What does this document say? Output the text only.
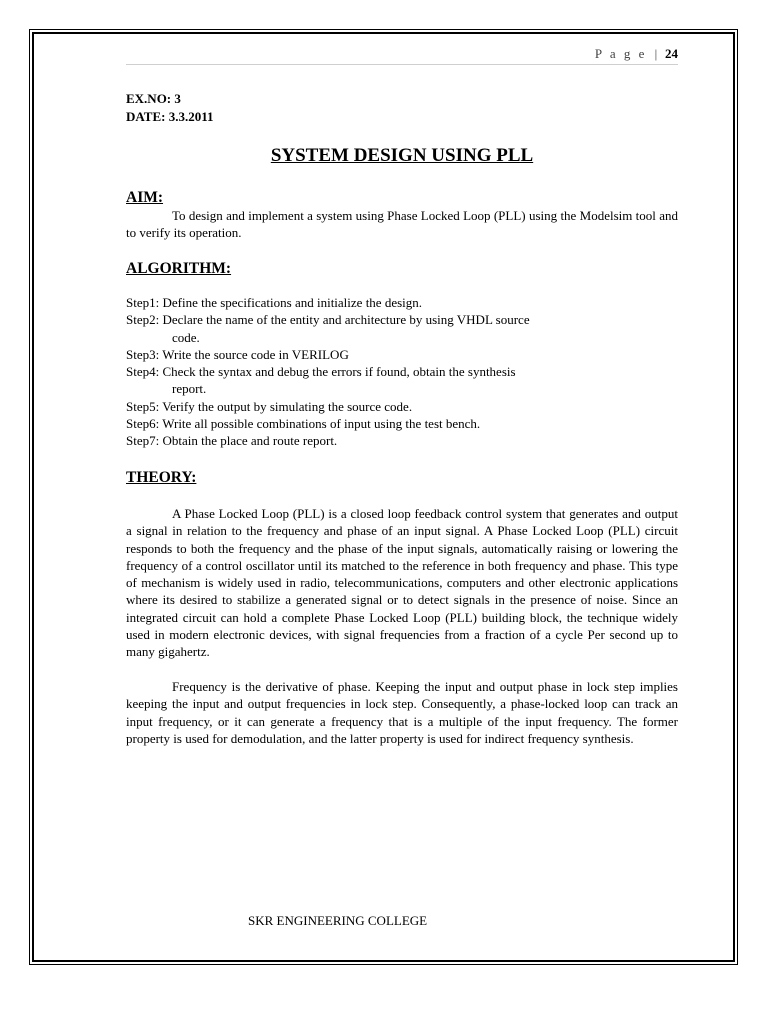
P a g e | 24
EX.NO: 3
DATE: 3.3.2011
SYSTEM DESIGN USING PLL
AIM:
To design and implement a system using Phase Locked Loop (PLL) using the Modelsim tool and to verify its operation.
ALGORITHM:
Step1: Define the specifications and initialize the design.
Step2: Declare the name of the entity and architecture by using VHDL source
code.
Step3: Write the source code in VERILOG
Step4: Check the syntax and debug the errors if found, obtain the synthesis
report.
Step5: Verify the output by simulating the source code.
Step6: Write all possible combinations of input using the test bench.
Step7: Obtain the place and route report.
THEORY:
A Phase Locked Loop (PLL) is a closed loop feedback control system that generates and output a signal in relation to the frequency and phase of an input signal. A Phase Locked Loop (PLL) circuit responds to both the frequency and the phase of the input signals, automatically raising or lowering the frequency of a control oscillator until its matched to the reference in both frequency and phase. This type of mechanism is widely used in radio, telecommunications, computers and other electronic applications where its desired to stabilize a generated signal or to detect signals in the presence of noise. Since an integrated circuit can hold a complete Phase Locked Loop (PLL) building block, the technique widely used in modern electronic devices, with signal frequencies from a fraction of a cycle Per second up to many gigahertz.
Frequency is the derivative of phase. Keeping the input and output phase in lock step implies keeping the input and output frequencies in lock step. Consequently, a phase-locked loop can track an input frequency, or it can generate a frequency that is a multiple of the input frequency. The former property is used for demodulation, and the latter property is used for indirect frequency synthesis.
SKR ENGINEERING COLLEGE
